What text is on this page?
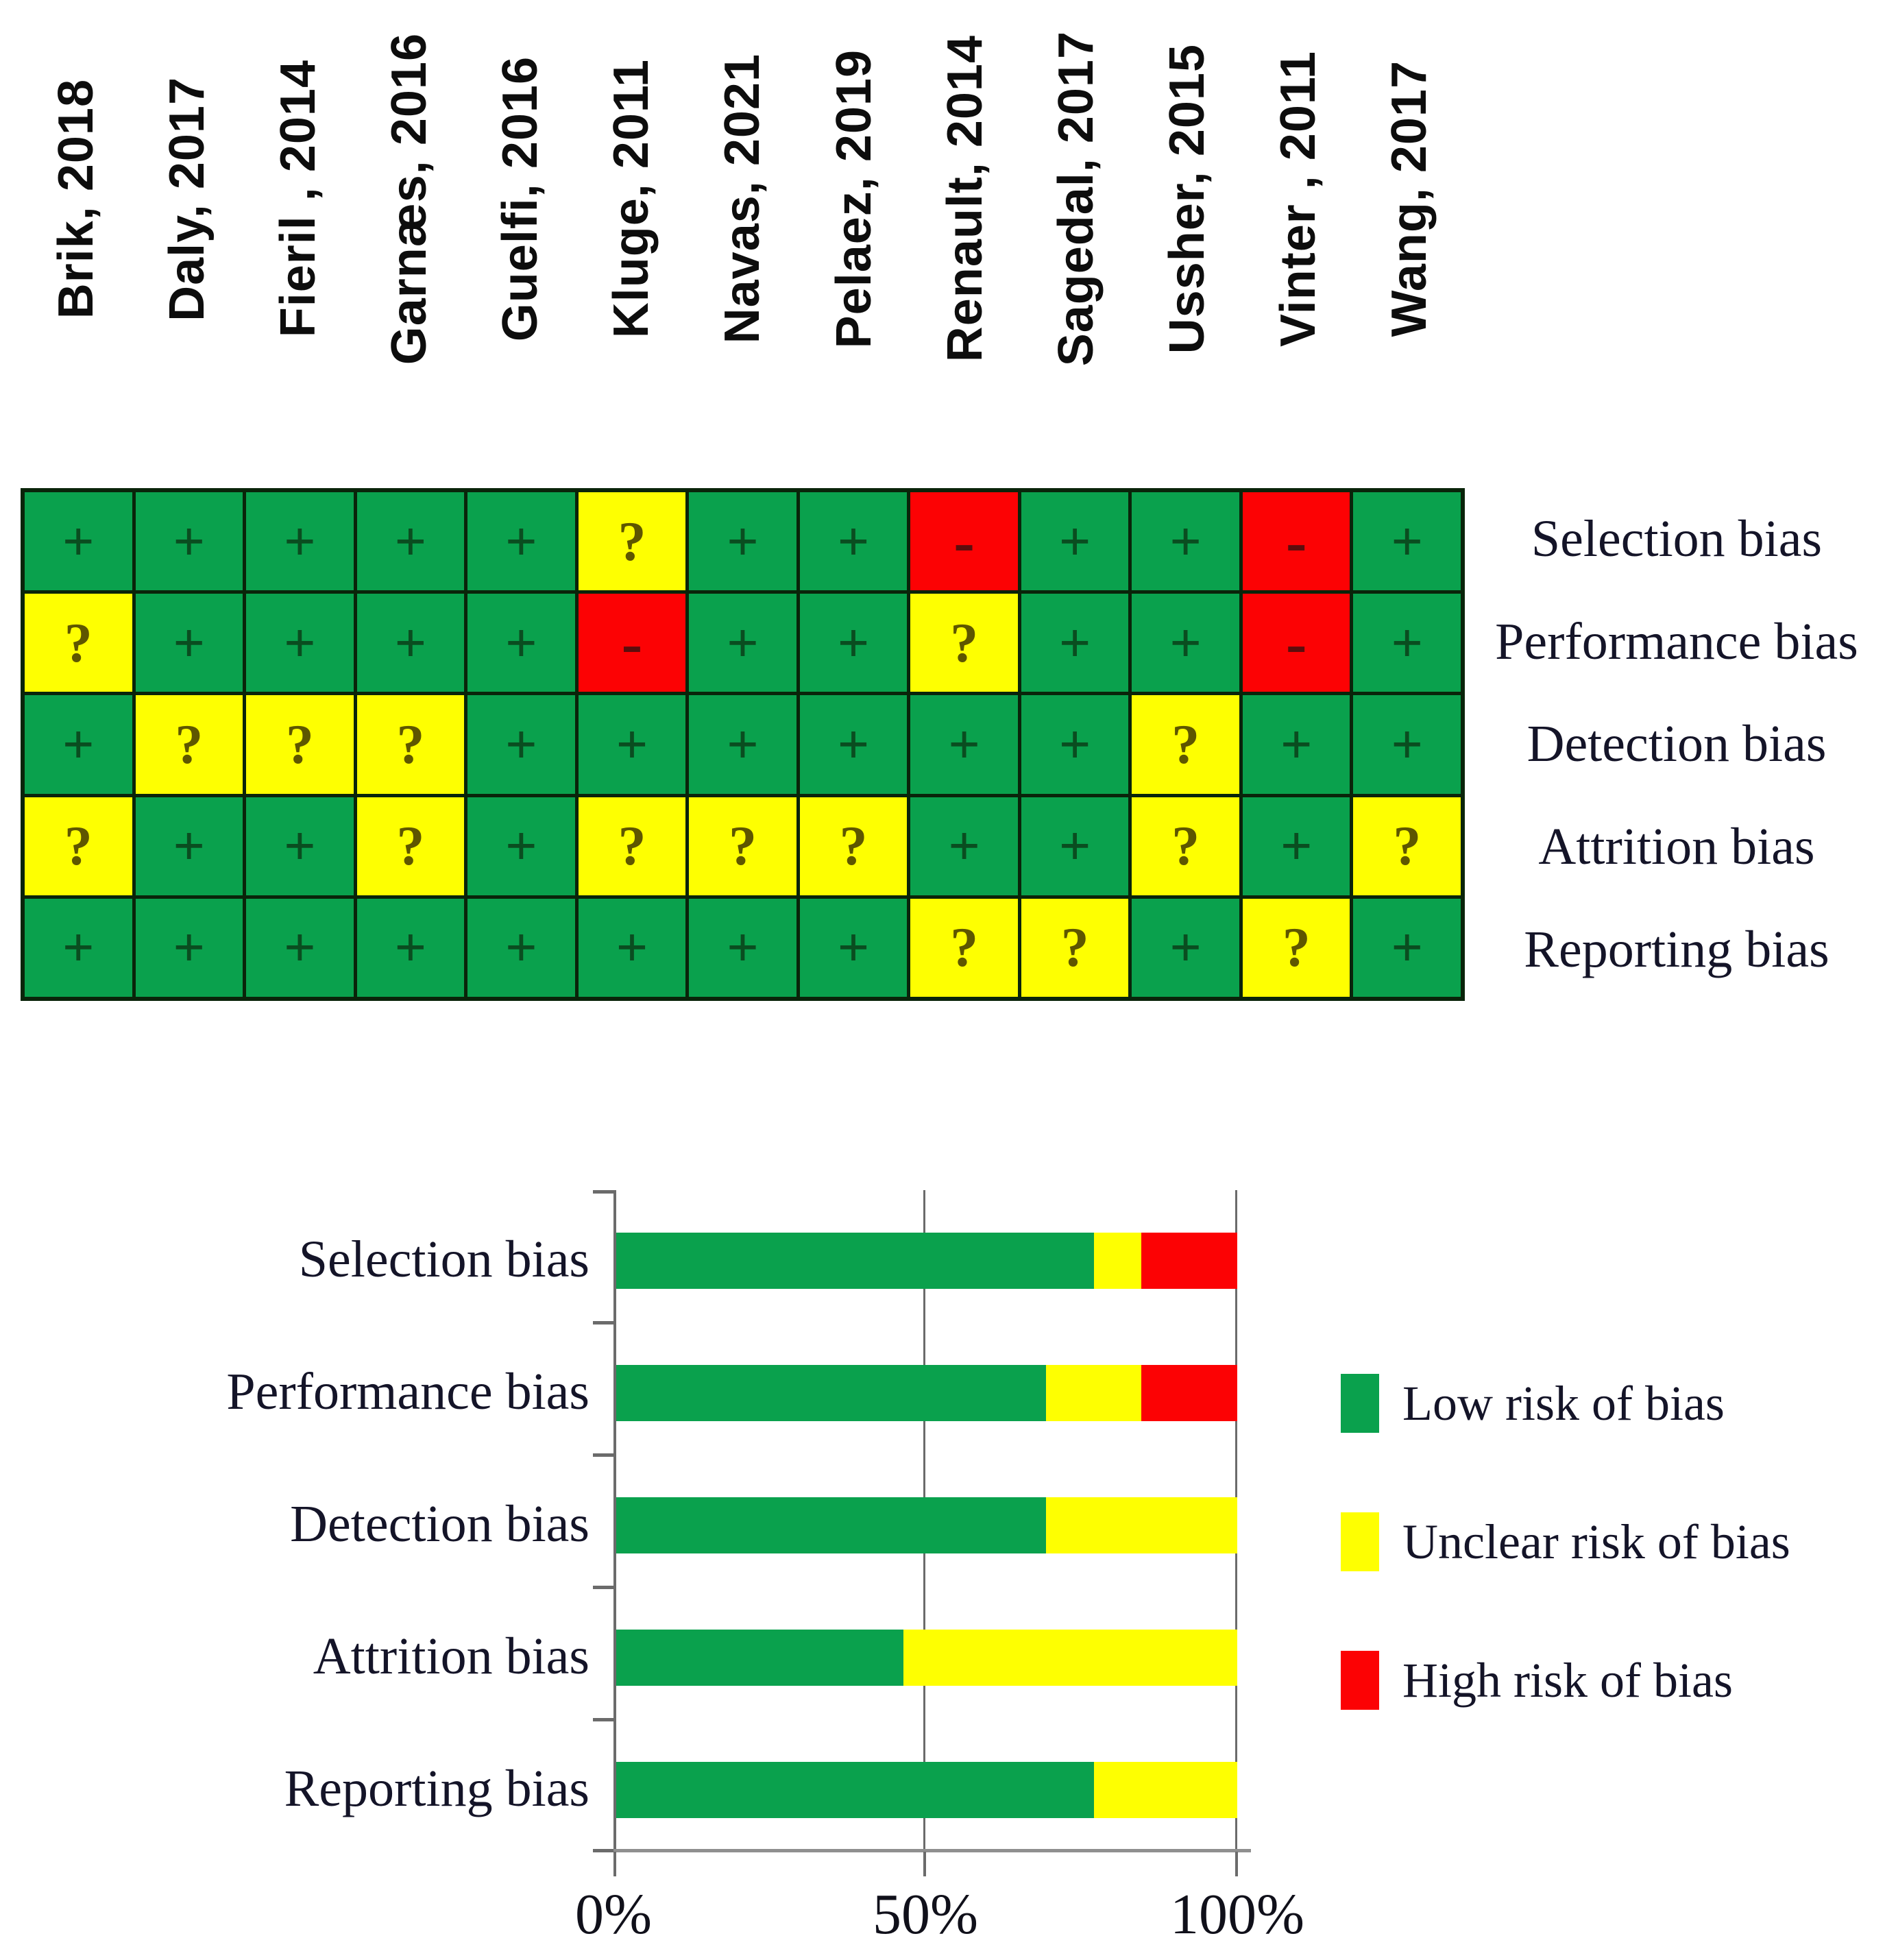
Brik, 2018 Daly, 2017 Fieril , 2014 Garnæs, 2016 Guelfi, 2016 Kluge, 2011 Navas, 2021 Pelaez, 2019 Renault, 2014 Sagedal, 2017 Ussher, 2015 Vinter , 2011 Wang, 2017
+ + + + + ? + + - + + - +
? + + + + - + + ? + + - +
+ ? ? ? + + + + + + ? + +
? + + ? + ? ? ? + + ? + ?
+ + + + + + + + ? ? + ? +
Selection bias
Performance bias
Detection bias
Attrition bias
Reporting bias
Selection bias
Performance bias
Detection bias
Attrition bias
Reporting bias
0%	50%	100%
Low risk of bias
Unclear risk of bias
High risk of bias
